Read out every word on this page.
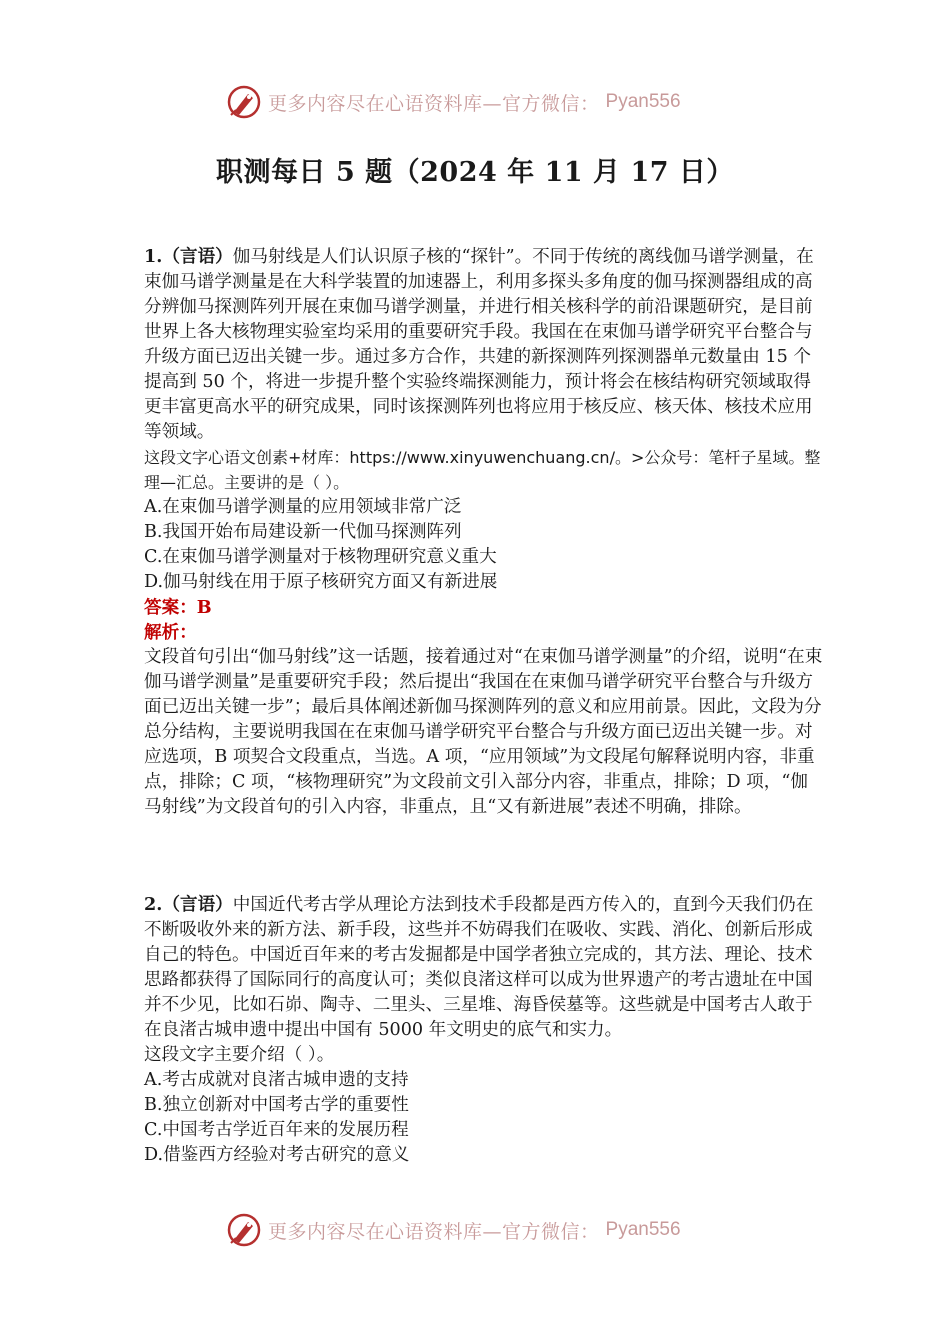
更多内容尽在心语资料库—官方微信： Pyan556
职测每日 5 题（2024 年 11 月 17 日）

1.（言语）伽马射线是人们认识原子核的“探针”。不同于传统的离线伽马谱学测量，在束伽马谱学测量是在大科学装置的加速器上，利用多探头多角度的伽马探测器组成的高分辨伽马探测阵列开展在束伽马谱学测量，并进行相关核科学的前沿课题研究，是目前世界上各大核物理实验室均采用的重要研究手段。我国在在束伽马谱学研究平台整合与升级方面已迈出关键一步。通过多方合作，共建的新探测阵列探测器单元数量由 15 个提高到 50 个，将进一步提升整个实验终端探测能力，预计将会在核结构研究领域取得更丰富更高水平的研究成果，同时该探测阵列也将应用于核反应、核天体、核技术应用等领域。

这段文字心语文创素+材库：https://www.xinyuwenchuang.cn/。>公众号：笔杆子星域。整理—汇总。主要讲的是（ ）。

A.在束伽马谱学测量的应用领域非常广泛

B.我国开始布局建设新一代伽马探测阵列

C.在束伽马谱学测量对于核物理研究意义重大

D.伽马射线在用于原子核研究方面又有新进展

答案：B

解析：

文段首句引出“伽马射线”这一话题，接着通过对“在束伽马谱学测量”的介绍，说明“在束伽马谱学测量”是重要研究手段；然后提出“我国在在束伽马谱学研究平台整合与升级方面已迈出关键一步”；最后具体阐述新伽马探测阵列的意义和应用前景。因此，文段为分总分结构，主要说明我国在在束伽马谱学研究平台整合与升级方面已迈出关键一步。对应选项，B 项契合文段重点，当选。A 项，“应用领域”为文段尾句解释说明内容，非重点，排除；C 项，“核物理研究”为文段前文引入部分内容，非重点，排除；D 项，“伽马射线”为文段首句的引入内容，非重点，且“又有新进展”表述不明确，排除。

2.（言语）中国近代考古学从理论方法到技术手段都是西方传入的，直到今天我们仍在不断吸收外来的新方法、新手段，这些并不妨碍我们在吸收、实践、消化、创新后形成自己的特色。中国近百年来的考古发掘都是中国学者独立完成的，其方法、理论、技术思路都获得了国际同行的高度认可；类似良渚这样可以成为世界遗产的考古遗址在中国并不少见，比如石峁、陶寺、二里头、三星堆、海昏侯墓等。这些就是中国考古人敢于在良渚古城申遗中提出中国有 5000 年文明史的底气和实力。

这段文字主要介绍（ ）。

A.考古成就对良渚古城申遗的支持

B.独立创新对中国考古学的重要性

C.中国考古学近百年来的发展历程

D.借鉴西方经验对考古研究的意义

更多内容尽在心语资料库—官方微信： Pyan556
